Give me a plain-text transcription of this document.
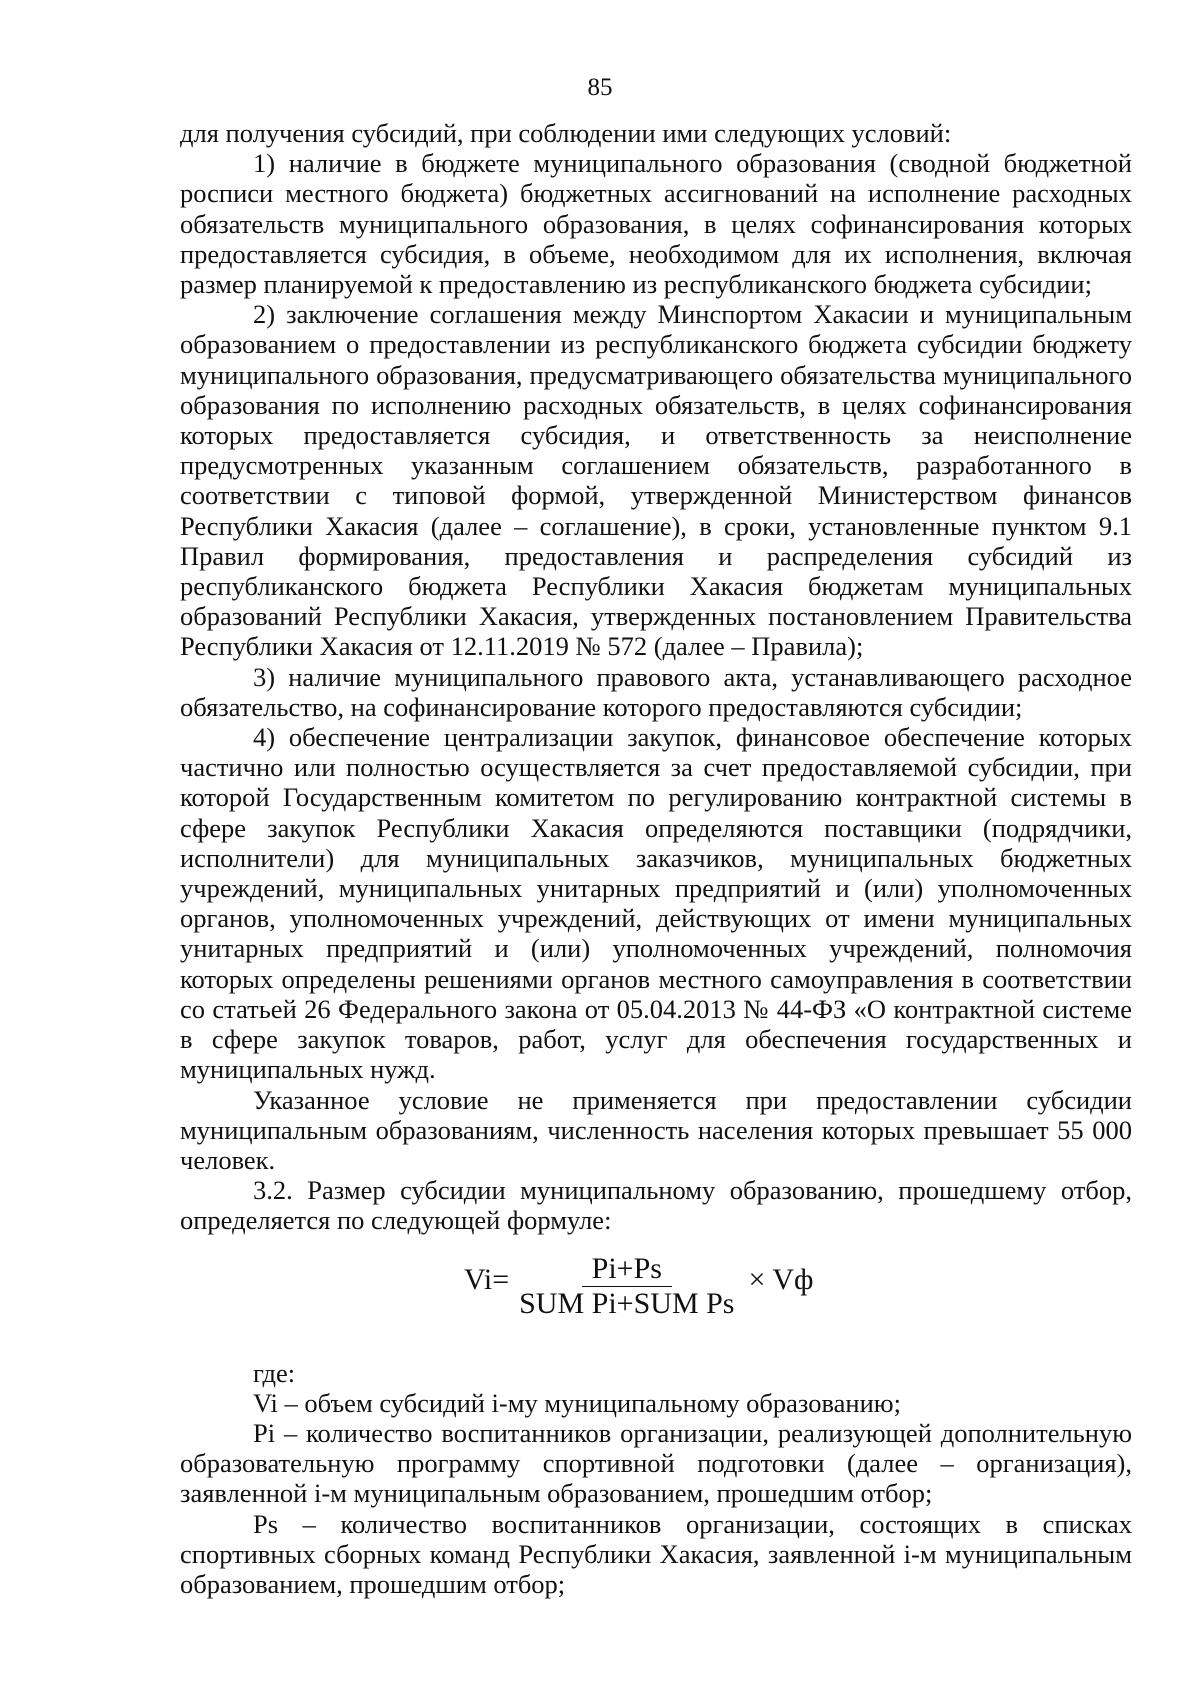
85

для получения субсидий, при соблюдении ими следующих условий:

1) наличие в бюджете муниципального образования (сводной бюджетной росписи местного бюджета) бюджетных ассигнований на исполнение расходных обязательств муниципального образования, в целях софинансирования которых предоставляется субсидия, в объеме, необходимом для их исполнения, включая размер планируемой к предоставлению из республиканского бюджета субсидии;

2) заключение соглашения между Минспортом Хакасии и муниципальным образованием о предоставлении из республиканского бюджета субсидии бюджету муниципального образования, предусматривающего обязательства муниципального образования по исполнению расходных обязательств, в целях софинансирования которых предоставляется субсидия, и ответственность за неисполнение предусмотренных указанным соглашением обязательств, разработанного в соответствии с типовой формой, утвержденной Министерством финансов Республики Хакасия (далее – соглашение), в сроки, установленные пунктом 9.1 Правил формирования, предоставления и распределения субсидий из республиканского бюджета Республики Хакасия бюджетам муниципальных образований Республики Хакасия, утвержденных постановлением Правительства Республики Хакасия от 12.11.2019 № 572 (далее – Правила);

3) наличие муниципального правового акта, устанавливающего расходное обязательство, на софинансирование которого предоставляются субсидии;

4) обеспечение централизации закупок, финансовое обеспечение которых частично или полностью осуществляется за счет предоставляемой субсидии, при которой Государственным комитетом по регулированию контрактной системы в сфере закупок Республики Хакасия определяются поставщики (подрядчики, исполнители) для муниципальных заказчиков, муниципальных бюджетных учреждений, муниципальных унитарных предприятий и (или) уполномоченных органов, уполномоченных учреждений, действующих от имени муниципальных унитарных предприятий и (или) уполномоченных учреждений, полномочия которых определены решениями органов местного самоуправления в соответствии со статьей 26 Федерального закона от 05.04.2013 № 44-ФЗ «О контрактной системе в сфере закупок товаров, работ, услуг для обеспечения государственных и муниципальных нужд.

Указанное условие не применяется при предоставлении субсидии муниципальным образованиям, численность населения которых превышает 55 000 человек.

3.2. Размер субсидии муниципальному образованию, прошедшему отбор, определяется по следующей формуле:

$Vi= \frac{Pi+Ps}{\text{SUM Pi+SUM Ps}}$ × Vф

где:

Vi – объем субсидий i-му муниципальному образованию;

Pi – количество воспитанников организации, реализующей дополнительную образовательную программу спортивной подготовки (далее – организация), заявленной i-м муниципальным образованием, прошедшим отбор;

Ps – количество воспитанников организации, состоящих в списках спортивных сборных команд Республики Хакасия, заявленной i-м муниципальным образованием, прошедшим отбор;
